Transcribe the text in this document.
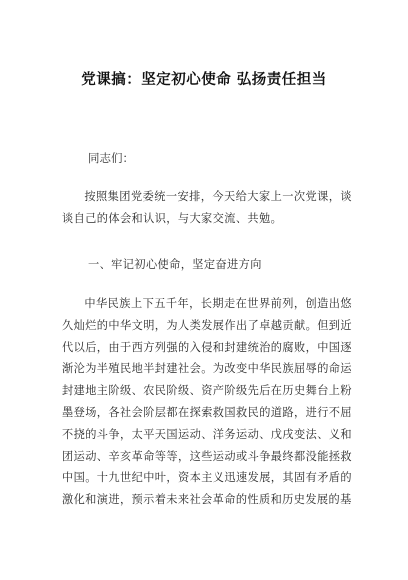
党课搞：坚定初心使命 弘扬责任担当
同志们：

按照集团党委统一安排，今天给大家上一次党课，谈谈自己的体会和认识，与大家交流、共勉。

一、牢记初心使命，坚定奋进方向

中华民族上下五千年，长期走在世界前列，创造出悠久灿烂的中华文明，为人类发展作出了卓越贡献。但到近代以后，由于西方列强的入侵和封建统治的腐败，中国逐渐沦为半殖民地半封建社会。为改变中华民族屈辱的命运封建地主阶级、农民阶级、资产阶级先后在历史舞台上粉墨登场，各社会阶层都在探索救国救民的道路，进行不屈不挠的斗争，太平天国运动、洋务运动、戊戌变法、义和团运动、辛亥革命等等，这些运动或斗争最终都没能拯救中国。十九世纪中叶，资本主义迅速发展，其固有矛盾的激化和演进，预示着未来社会革命的性质和历史发展的基
